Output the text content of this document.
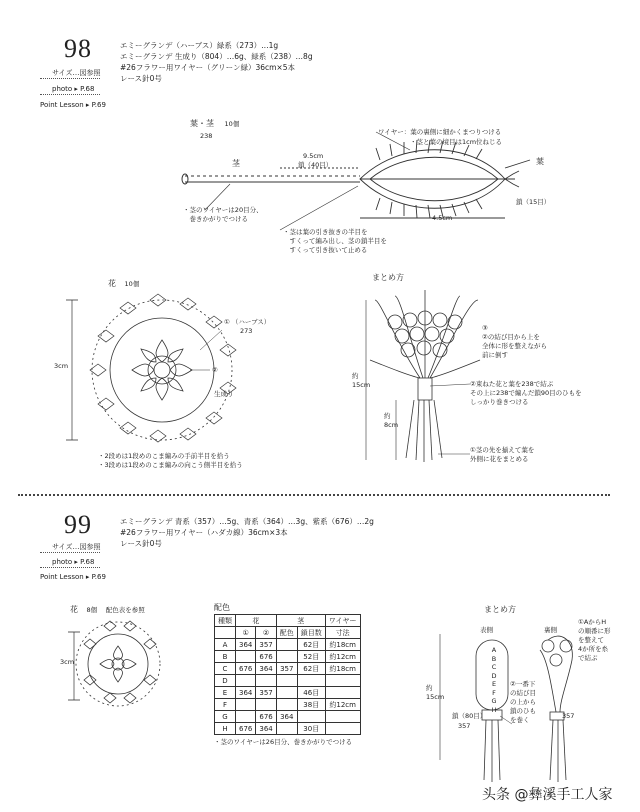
98
サイズ…図参照
photo ▸ P.68
Point Lesson ▸ P.69
エミーグランデ（ハーブス）緑系（273）…1g
エミーグランデ 生成り（804）…6g、緑系（238）…8g
#26フラワー用ワイヤー（グリーン緑）36cm×5本
レース針0号
葉・茎 10個
238	ワイヤー：葉の裏側に細かくまつりつける
・茎と葉の境目は1cm位ねじる
茎	葉
9.5cm
鎖（40目）
鎖（15目）
4.5cm
・茎のワイヤーは20目分、
　巻きかがりでつける
・茎は葉の引き抜きの半目を
　すくって編み出し、茎の鎖半目を
　すくって引き抜いて止める
花 10個
① （ハーブス）
273
②
生成り
3cm
・2段めは1段めのこま編みの手前半目を拾う
・3段めは1段めのこま編みの向こう側半目を拾う
まとめ方
③
②の結び目から上を
全体に形を整えながら
前に倒す
②束ねた花と葉を238で結ぶ
その上に238で編んだ鎖90目のひもを
しっかり巻きつける
①茎の先を揃えて葉を
外側に花をまとめる
約15cm
約8cm
99
サイズ…図参照
photo ▸ P.68
Point Lesson ▸ P.69
エミーグランデ 青系（357）…5g、青系（364）…3g、紫系（676）…2g
#26フラワー用ワイヤー（ハダカ線）36cm×3本
レース針0号
花 8個 配色表を参照
3cm
配色
種類	花		茎		ワイヤー
	①	②	配色	鎖目数	寸法
A	364	357		62目	約18cm
B		676		52目	約12cm
C	676	364	357	62目	約18cm
D					
E	364	357		46目	
F				38目	約12cm
G		676	364		
H	676	364		30目	
・茎のワイヤーは26目分、巻きかがりでつける
まとめ方
表側	裏側
A
B
C
D
E
F
G
H
鎖（80目）
357
②一番下の結び目の上から
鎖のひもを巻く
①AからHの順番に形を整えて
4か所を糸で結ぶ
357
約15cm
头条 @彝溪手工人家
